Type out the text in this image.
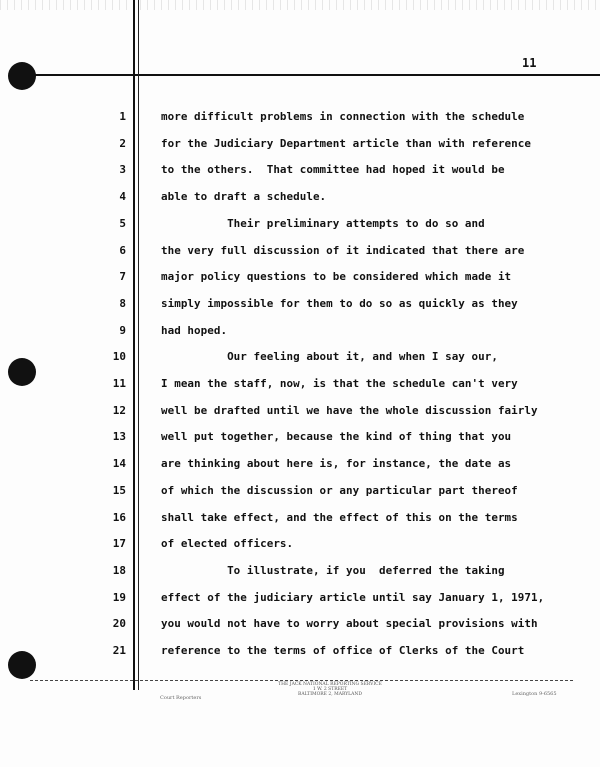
11
1	more difficult problems in connection with the schedule
2	for the Judiciary Department article than with reference
3	to the others.  That committee had hoped it would be
4	able to draft a schedule.
5	Their preliminary attempts to do so and
6	the very full discussion of it indicated that there are
7	major policy questions to be considered which made it
8	simply impossible for them to do so as quickly as they
9	had hoped.
10	Our feeling about it, and when I say our,
11	I mean the staff, now, is that the schedule can't very
12	well be drafted until we have the whole discussion fairly
13	well put together, because the kind of thing that you
14	are thinking about here is, for instance, the date as
15	of which the discussion or any particular part thereof
16	shall take effect, and the effect of this on the terms
17	of elected officers.
18	To illustrate, if you  deferred the taking
19	effect of the judiciary article until say January 1, 1971,
20	you would not have to worry about special provisions with
21	reference to the terms of office of Clerks of the Court
THE JACK NATIONAL REPORTING SERVICE
1 W. 2 STREET
BALTIMORE 2, MARYLAND
Court Reporters
Lexington 9-6565
